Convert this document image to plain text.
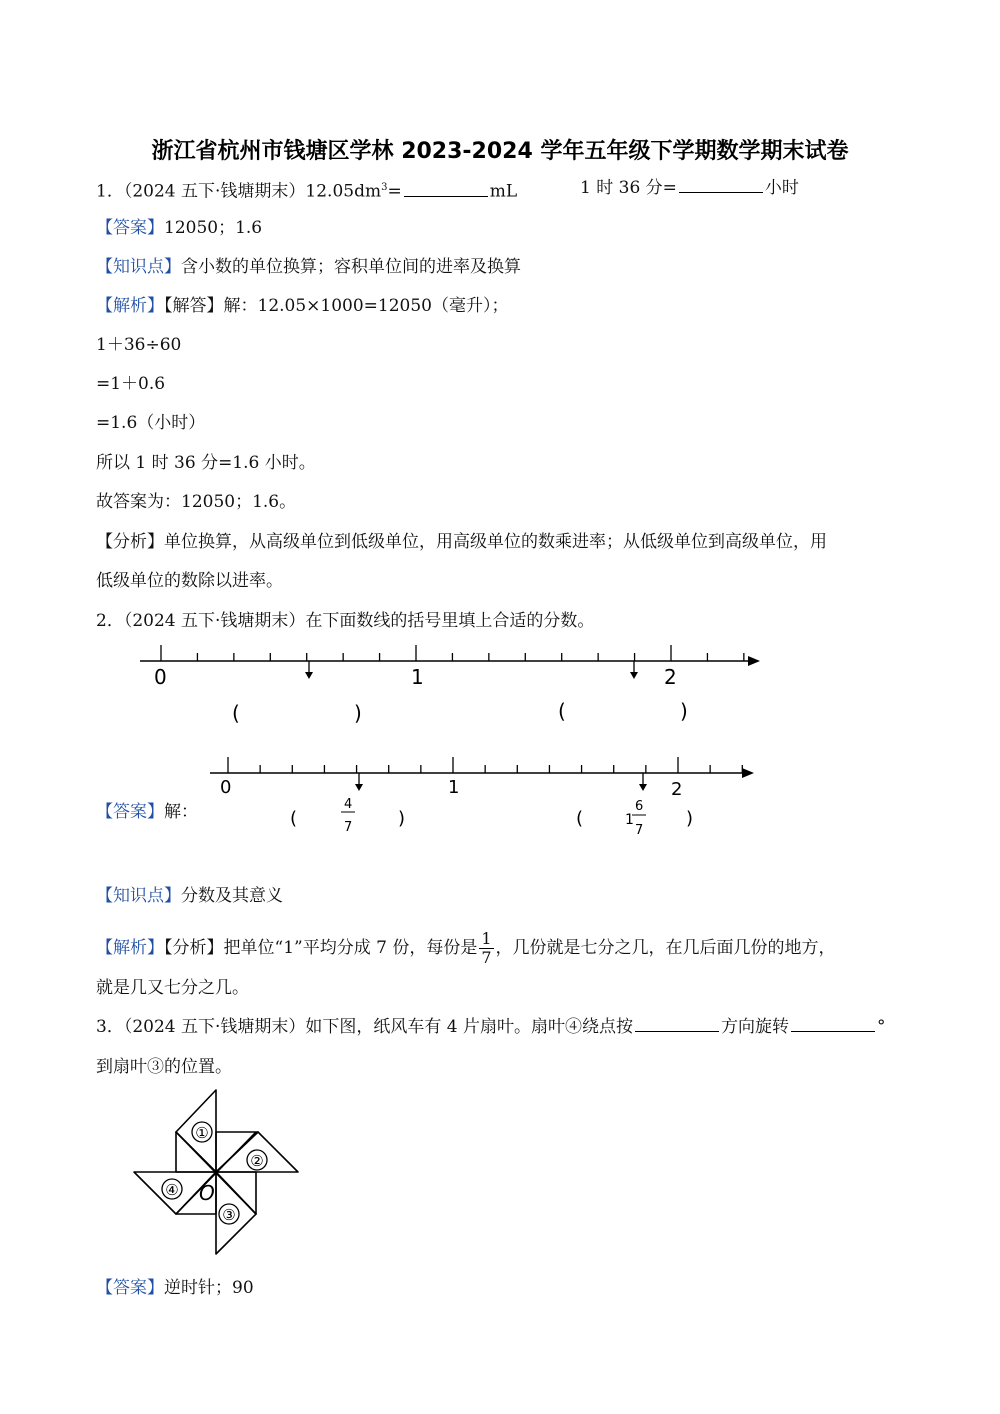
浙江省杭州市钱塘区学林 2023-2024 学年五年级下学期数学期末试卷
1．（2024 五下·钱塘期末）$12.05dm^3=$	mL	1 时 36 分=	小时
【答案】12050；1.6
【知识点】含小数的单位换算；容积单位间的进率及换算
【解析】【解答】解：12.05×1000=12050（毫升）；
1＋36÷60
=1＋0.6
=1.6（小时）
所以 1 时 36 分=1.6 小时。
故答案为：12050；1.6。
【分析】单位换算，从高级单位到低级单位，用高级单位的数乘进率；从低级单位到高级单位，用
低级单位的数除以进率。
2．（2024 五下·钱塘期末）在下面数线的括号里填上合适的分数。
0	1	2
(	)	(	)
0	1	2
(
4
7	)	(	1
6
7
)
①
②
③
④ O
【答案】解：
【知识点】分数及其意义
【解析】【分析】把单位“1”平均分成 7 份，每份是 $\frac{1}{7}$ ，几份就是七分之几，在几后面几份的地方，
就是几又七分之几。
3．（2024 五下·钱塘期末）如下图，纸风车有 4 片扇叶。扇叶④绕点按	方向旋转	°
到扇叶③的位置。
【答案】逆时针；90
